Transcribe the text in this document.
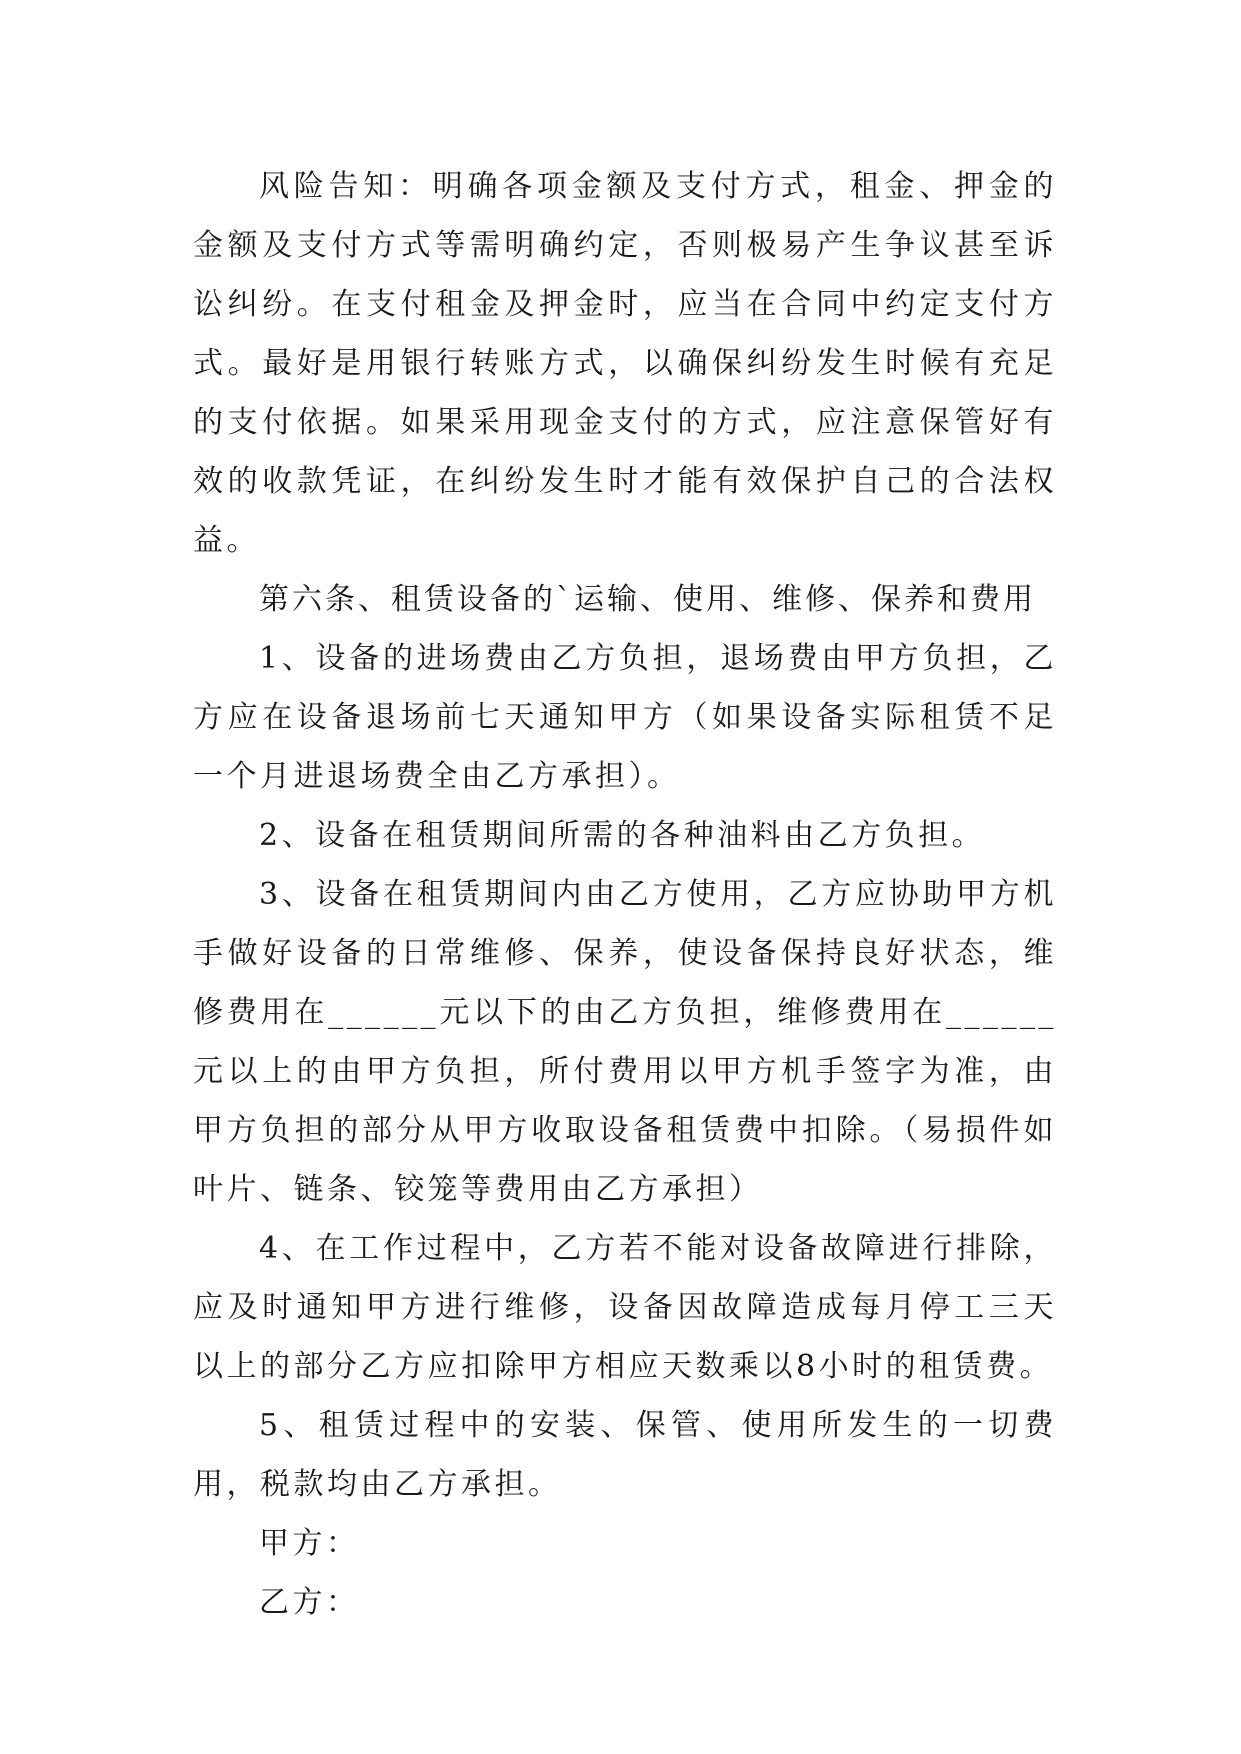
风险告知：明确各项金额及支付方式，租金、押金的金额及支付方式等需明确约定，否则极易产生争议甚至诉讼纠纷。在支付租金及押金时，应当在合同中约定支付方式。最好是用银行转账方式，以确保纠纷发生时候有充足的支付依据。如果采用现金支付的方式，应注意保管好有效的收款凭证，在纠纷发生时才能有效保护自己的合法权益。

第六条、租赁设备的`运输、使用、维修、保养和费用

1、设备的进场费由乙方负担，退场费由甲方负担，乙方应在设备退场前七天通知甲方（如果设备实际租赁不足一个月进退场费全由乙方承担）。

2、设备在租赁期间所需的各种油料由乙方负担。

3、设备在租赁期间内由乙方使用，乙方应协助甲方机手做好设备的日常维修、保养，使设备保持良好状态，维修费用在______元以下的由乙方负担，维修费用在______元以上的由甲方负担，所付费用以甲方机手签字为准，由甲方负担的部分从甲方收取设备租赁费中扣除。（易损件如叶片、链条、铰笼等费用由乙方承担）

4、在工作过程中，乙方若不能对设备故障进行排除，应及时通知甲方进行维修，设备因故障造成每月停工三天以上的部分乙方应扣除甲方相应天数乘以8小时的租赁费。

5、租赁过程中的安装、保管、使用所发生的一切费用，税款均由乙方承担。

甲方：

乙方：
